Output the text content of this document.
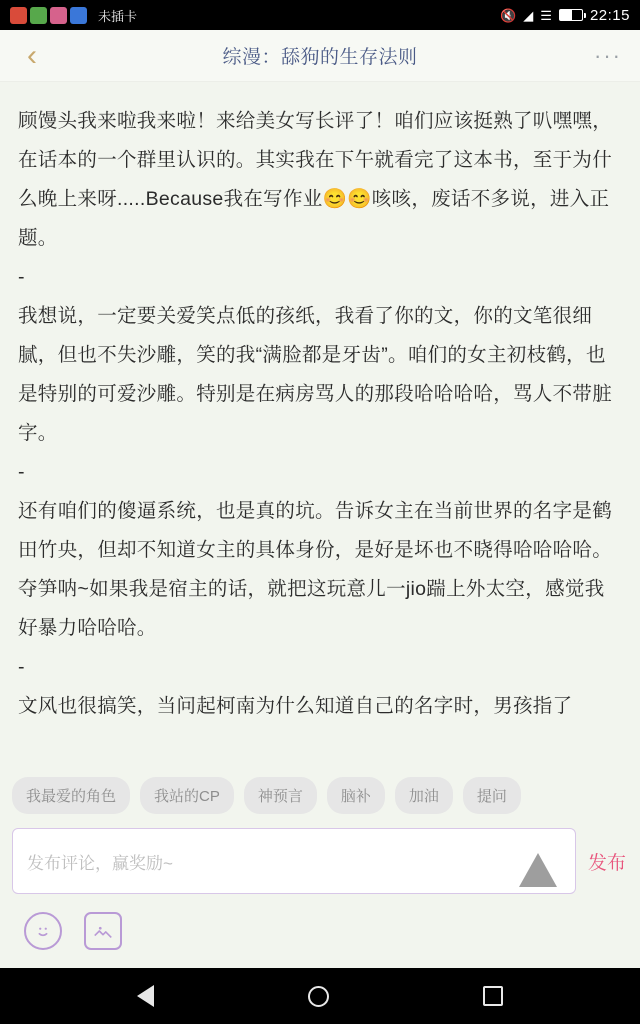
未插卡	🔇 ◢ ☰	22:15
‹	综漫：舔狗的生存法则	···

顾馒头我来啦我来啦！来给美女写长评了！咱们应该挺熟了叭嘿嘿，在话本的一个群里认识的。其实我在下午就看完了这本书，至于为什么晚上来呀.....Because我在写作业😊😊咳咳，废话不多说，进入正题。

-

我想说，一定要关爱笑点低的孩纸，我看了你的文，你的文笔很细腻，但也不失沙雕，笑的我“满脸都是牙齿”。咱们的女主初枝鹤，也是特别的可爱沙雕。特别是在病房骂人的那段哈哈哈哈，骂人不带脏字。

-

还有咱们的傻逼系统，也是真的坑。告诉女主在当前世界的名字是鹤田竹央，但却不知道女主的具体身份，是好是坏也不晓得哈哈哈哈。夺笋呐~如果我是宿主的话，就把这玩意儿一jio踹上外太空，感觉我好暴力哈哈哈。

-

文风也很搞笑，当问起柯南为什么知道自己的名字时，男孩指了

我最爱的角色	我站的CP	神预言	脑补	加油	提问
发布评论，赢奖励~	发布
